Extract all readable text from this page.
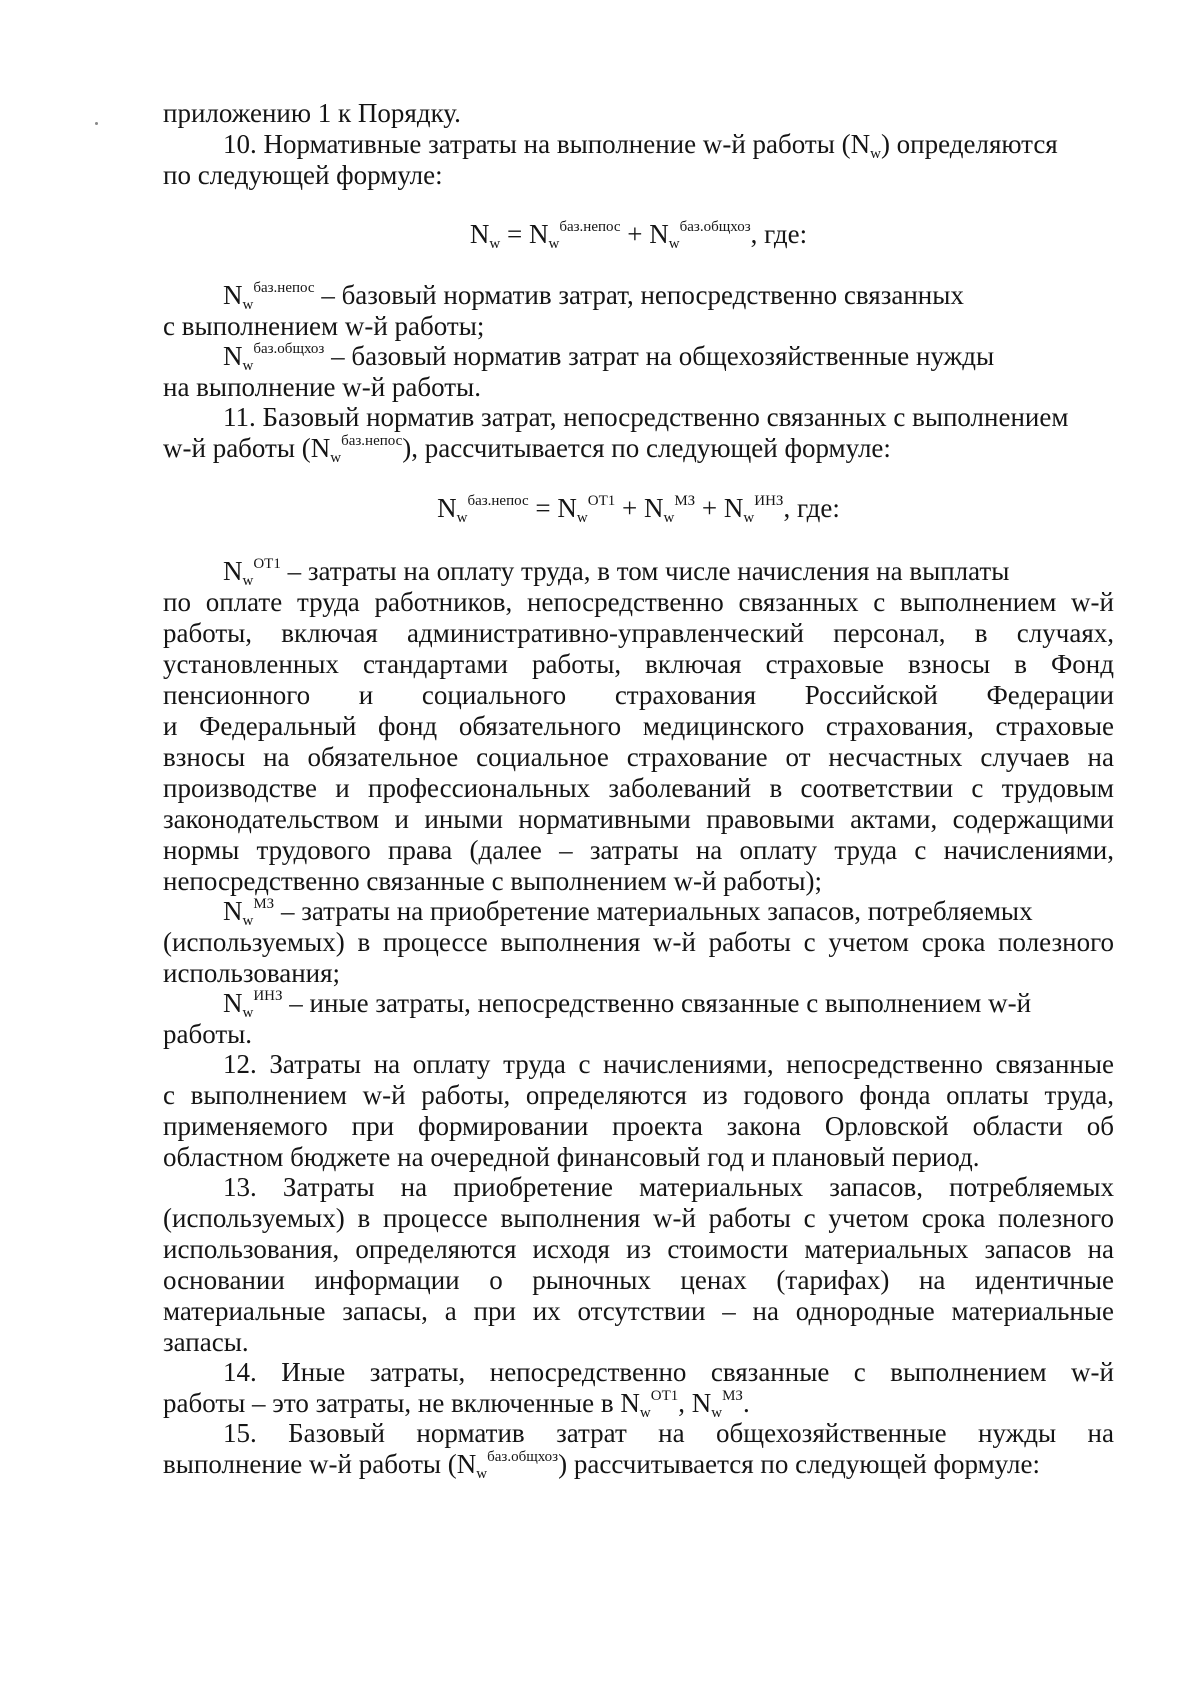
приложению 1 к Порядку.
10. Нормативные затраты на выполнение w-й работы $(N_w)$ определяются
по следующей формуле:
$N_w = N_w^{баз.непос} + N_w^{баз.общхоз}$, где:
$N_w^{баз.непос}$ – базовый норматив затрат, непосредственно связанных
с выполнением w-й работы;
$N_w^{баз.общхоз}$ – базовый норматив затрат на общехозяйственные нужды
на выполнение w-й работы.
11. Базовый норматив затрат, непосредственно связанных с выполнением
w-й работы $(N_w^{баз.непос})$, рассчитывается по следующей формуле:
$N_w^{баз.непос} = N_w^{ОТ1} + N_w^{МЗ} + N_w^{ИНЗ}$, где:
$N_w^{ОТ1}$ – затраты на оплату труда, в том числе начисления на выплаты
по оплате труда работников, непосредственно связанных с выполнением w-й
работы, включая административно-управленческий персонал, в случаях,
установленных стандартами работы, включая страховые взносы в Фонд
пенсионного и социального страхования Российской Федерации
и Федеральный фонд обязательного медицинского страхования, страховые
взносы на обязательное социальное страхование от несчастных случаев на
производстве и профессиональных заболеваний в соответствии с трудовым
законодательством и иными нормативными правовыми актами, содержащими
нормы трудового права (далее – затраты на оплату труда с начислениями,
непосредственно связанные с выполнением w-й работы);
$N_w^{МЗ}$ – затраты на приобретение материальных запасов, потребляемых
(используемых) в процессе выполнения w-й работы с учетом срока полезного
использования;
$N_w^{ИНЗ}$ – иные затраты, непосредственно связанные с выполнением w-й
работы.
12. Затраты на оплату труда с начислениями, непосредственно связанные
с выполнением w-й работы, определяются из годового фонда оплаты труда,
применяемого при формировании проекта закона Орловской области об
областном бюджете на очередной финансовый год и плановый период.
13. Затраты на приобретение материальных запасов, потребляемых
(используемых) в процессе выполнения w-й работы с учетом срока полезного
использования, определяются исходя из стоимости материальных запасов на
основании информации о рыночных ценах (тарифах) на идентичные
материальные запасы, а при их отсутствии – на однородные материальные
запасы.
14. Иные затраты, непосредственно связанные с выполнением w-й
работы – это затраты, не включенные в $N_w^{ОТ1}$, $N_w^{МЗ}$.
15. Базовый норматив затрат на общехозяйственные нужды на
выполнение w-й работы $(N_w^{баз.общхоз})$ рассчитывается по следующей формуле:
